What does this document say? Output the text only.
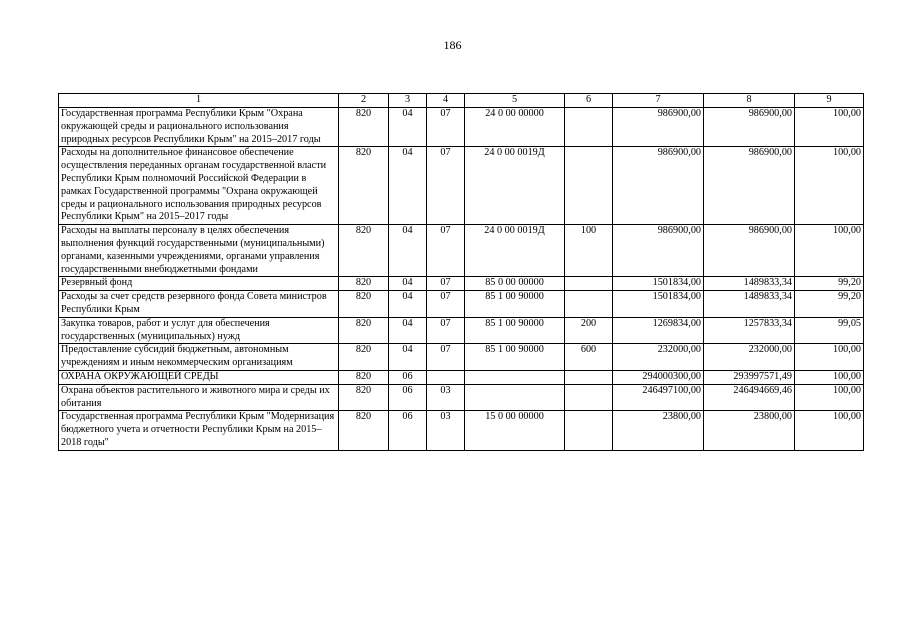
186
1	2	3	4	5	6	7	8	9
Государственная программа Республики Крым "Охрана окружающей среды и рационального использования природных ресурсов Республики Крым" на 2015–2017 годы	820	04	07	24 0 00 00000		986900,00	986900,00	100,00
Расходы на дополнительное финансовое обеспечение осуществления переданных органам государственной власти Республики Крым полномочий Российской Федерации в рамках Государственной программы "Охрана окружающей среды и рационального использования природных ресурсов Республики Крым" на 2015–2017 годы	820	04	07	24 0 00 0019Д		986900,00	986900,00	100,00
Расходы на выплаты персоналу в целях обеспечения выполнения функций государственными (муниципальными) органами, казенными учреждениями, органами управления государственными внебюджетными фондами	820	04	07	24 0 00 0019Д	100	986900,00	986900,00	100,00
Резервный фонд	820	04	07	85 0 00 00000		1501834,00	1489833,34	99,20
Расходы за счет средств резервного фонда Совета министров Республики Крым	820	04	07	85 1 00 90000		1501834,00	1489833,34	99,20
Закупка товаров, работ и услуг для обеспечения государственных (муниципальных) нужд	820	04	07	85 1 00 90000	200	1269834,00	1257833,34	99,05
Предоставление субсидий бюджетным, автономным учреждениям и иным некоммерческим организациям	820	04	07	85 1 00 90000	600	232000,00	232000,00	100,00
ОХРАНА ОКРУЖАЮЩЕЙ СРЕДЫ	820	06				294000300,00	293997571,49	100,00
Охрана объектов растительного и животного мира и среды их обитания	820	06	03			246497100,00	246494669,46	100,00
Государственная программа Республики Крым "Модернизация бюджетного учета и отчетности Республики Крым на 2015–2018 годы"	820	06	03	15 0 00 00000		23800,00	23800,00	100,00
